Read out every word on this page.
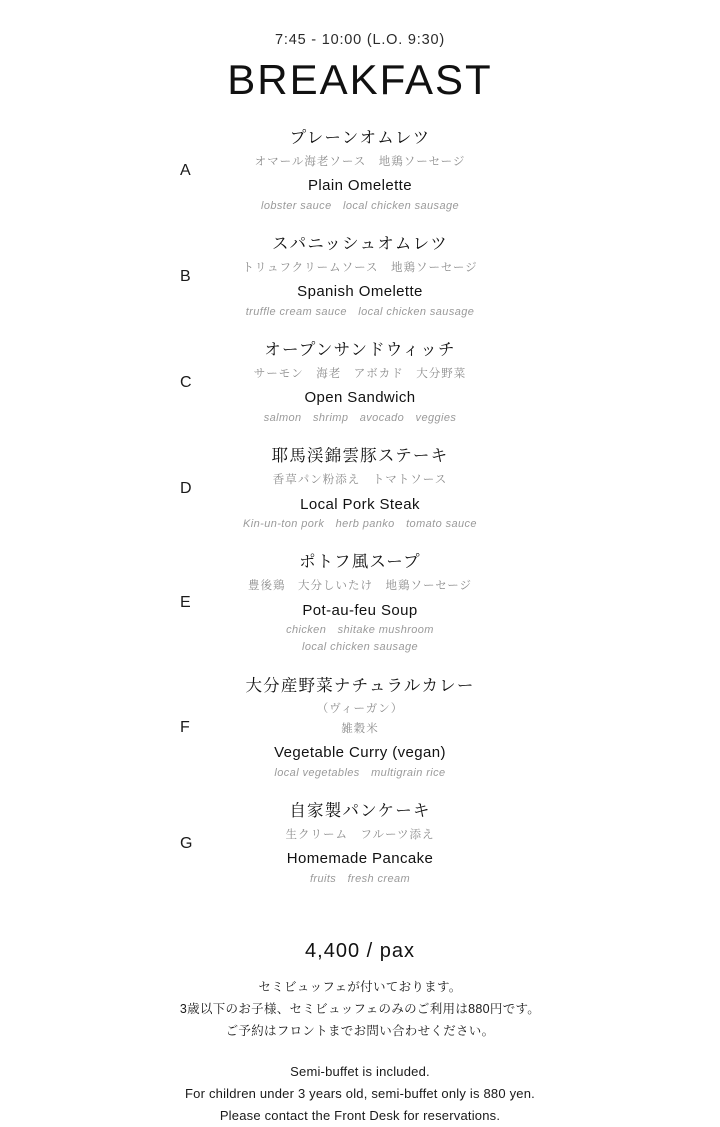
7:45 - 10:00 (L.O. 9:30)
BREAKFAST
A
プレーンオムレツ
オマール海老ソース　地鶏ソーセージ
Plain Omelette
lobster sauce　local chicken sausage
B
スパニッシュオムレツ
トリュフクリームソース　地鶏ソーセージ
Spanish Omelette
truffle cream sauce　local chicken sausage
C
オープンサンドウィッチ
サーモン　海老　アボカド　大分野菜
Open Sandwich
salmon　shrimp　avocado　veggies
D
耶馬渓錦雲豚ステーキ
香草パン粉添え　トマトソース
Local Pork Steak
Kin-un-ton pork　herb panko　tomato sauce
E
ポトフ風スープ
豊後鶏　大分しいたけ　地鶏ソーセージ
Pot-au-feu Soup
chicken　shitake mushroom
local chicken sausage
F
大分産野菜ナチュラルカレー
（ヴィーガン）
雑穀米
Vegetable Curry (vegan)
local vegetables　multigrain rice
G
自家製パンケーキ
生クリーム　フルーツ添え
Homemade Pancake
fruits　fresh cream
4,400 / pax
セミビュッフェが付いております。
3歳以下のお子様、セミビュッフェのみのご利用は880円です。
ご予約はフロントまでお問い合わせください。
Semi-buffet is included.
For children under 3 years old, semi-buffet only is 880 yen.
Please contact the Front Desk for reservations.
